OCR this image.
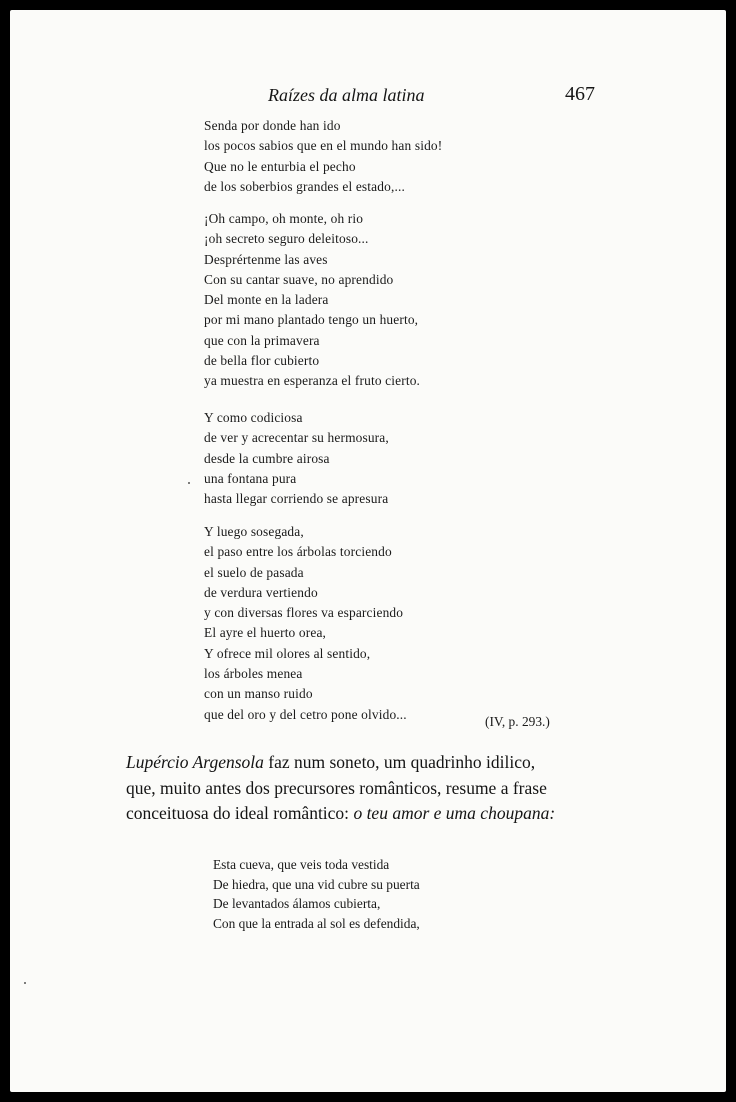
Raízes da alma latina	467
Senda por donde han ido
los pocos sabios que en el mundo han sido!
Que no le enturbia el pecho
de los soberbios grandes el estado,...
¡Oh campo, oh monte, oh rio
¡oh secreto seguro deleitoso...
Desprértenme las aves
Con su cantar suave, no aprendido
Del monte en la ladera
por mi mano plantado tengo un huerto,
que con la primavera
de bella flor cubierto
ya muestra en esperanza el fruto cierto.
Y como codiciosa
de ver y acrecentar su hermosura,
desde la cumbre airosa
una fontana pura
hasta llegar corriendo se apresura
Y luego sosegada,
el paso entre los árbolas torciendo
el suelo de pasada
de verdura vertiendo
y con diversas flores va esparciendo
El ayre el huerto orea,
Y ofrece mil olores al sentido,
los árboles menea
con un manso ruido
que del oro y del cetro pone olvido...	(IV, p. 293.)

Lupércio Argensola faz num soneto, um quadrinho idilico,
que, muito antes dos precursores românticos, resume a frase
conceituosa do ideal romântico: o teu amor e uma choupana:

Esta cueva, que veis toda vestida
De hiedra, que una vid cubre su puerta
De levantados álamos cubierta,
Con que la entrada al sol es defendida,
